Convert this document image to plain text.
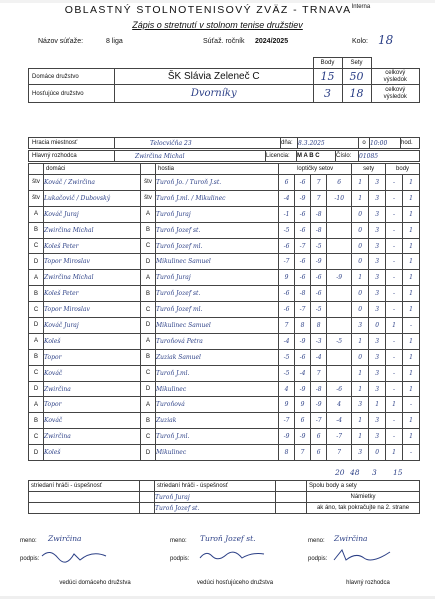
OBLASTNÝ STOLNOTENISOVÝ ZVÄZ - $TRNAVA^{Interna}$
Zápis o stretnutí v stolnom tenise družstiev
Názov súťaže:	8 liga	Súťaž. ročník 2024/2025	Kolo: 18
		Body	Sety	
Domáce družstvo	ŠK Slávia Zeleneč C	15	50	celkový
výsledok
Hosťujúce družstvo	Dvorníky	3	18	celkový
výsledok
Hracia miestnosť	Telocvičňa 23	dňa:	8.3.2025	o	10:00	hod.
Hlavný rozhodca	Zwirčina Michal	Licencia:	M A B C	Číslo:	01085
	domáci		hostia	loptičky setov				sety		body	
štv	Kováč / Zwirčina	štv	Turoň Jo. / Turoň J.st.	6	-6	7	6	1	3	-	1
štv	Lukačovič / Dubovský	štv	Turoň J.ml. / Mikulinec	-4	-9	7	-10	1	3	-	1
A	Kováč Juraj	A	Turoň Juraj	-1	-6	-8		0	3	-	1
B	Zwirčina Michal	B	Turoň Jozef st.	-5	-6	-8		0	3	-	1
C	Koleš Peter	C	Turoň Jozef ml.	-6	-7	-5		0	3	-	1
D	Topor Miroslav	D	Mikulinec Samuel	-7	-6	-9		0	3	-	1
A	Zwirčina Michal	A	Turoň Juraj	9	-6	-6	-9	1	3	-	1
B	Koleš Peter	B	Turoň Jozef st.	-6	-8	-6		0	3	-	1
C	Topor Miroslav	C	Turoň Jozef ml.	-6	-7	-5		0	3	-	1
D	Kováč Juraj	D	Mikulinec Samuel	7	8	8		3	0	1	-
A	Koleš	A	Turoňová Petra	-4	-9	-3	-5	1	3	-	1
B	Topor	B	Zuziak Samuel	-5	-6	-4		0	3	-	1
C	Kováč	C	Turoň J.ml.	-5	-4	7		1	3	-	1
D	Zwirčina	D	Mikulinec	4	-9	-8	-6	1	3	-	1
A	Topor	A	Turoňová	9	9	-9	4	3	1	1	-
B	Kováč	B	Zuziak	-7	6	-7	-4	1	3	-	1
C	Zwirčina	C	Turoň J.ml.	-9	-9	6	-7	1	3	-	1
D	Koleš	D	Mikulinec	8	7	6	7	3	0	1	-
striedaní hráči - úspešnosť		striedaní hráči - úspešnosť		Spolu body a sety
		Turoň Juraj		Námietky
		Turoň Jozef st.		ak áno, tak pokračujte na 2. strane
20 48 3 15
meno: Zwirčina
podpis:
vedúci domáceho družstva
meno: Turoň Jozef st.
podpis:
vedúci hosťujúceho družstva
meno: Zwirčina
podpis:
hlavný rozhodca
